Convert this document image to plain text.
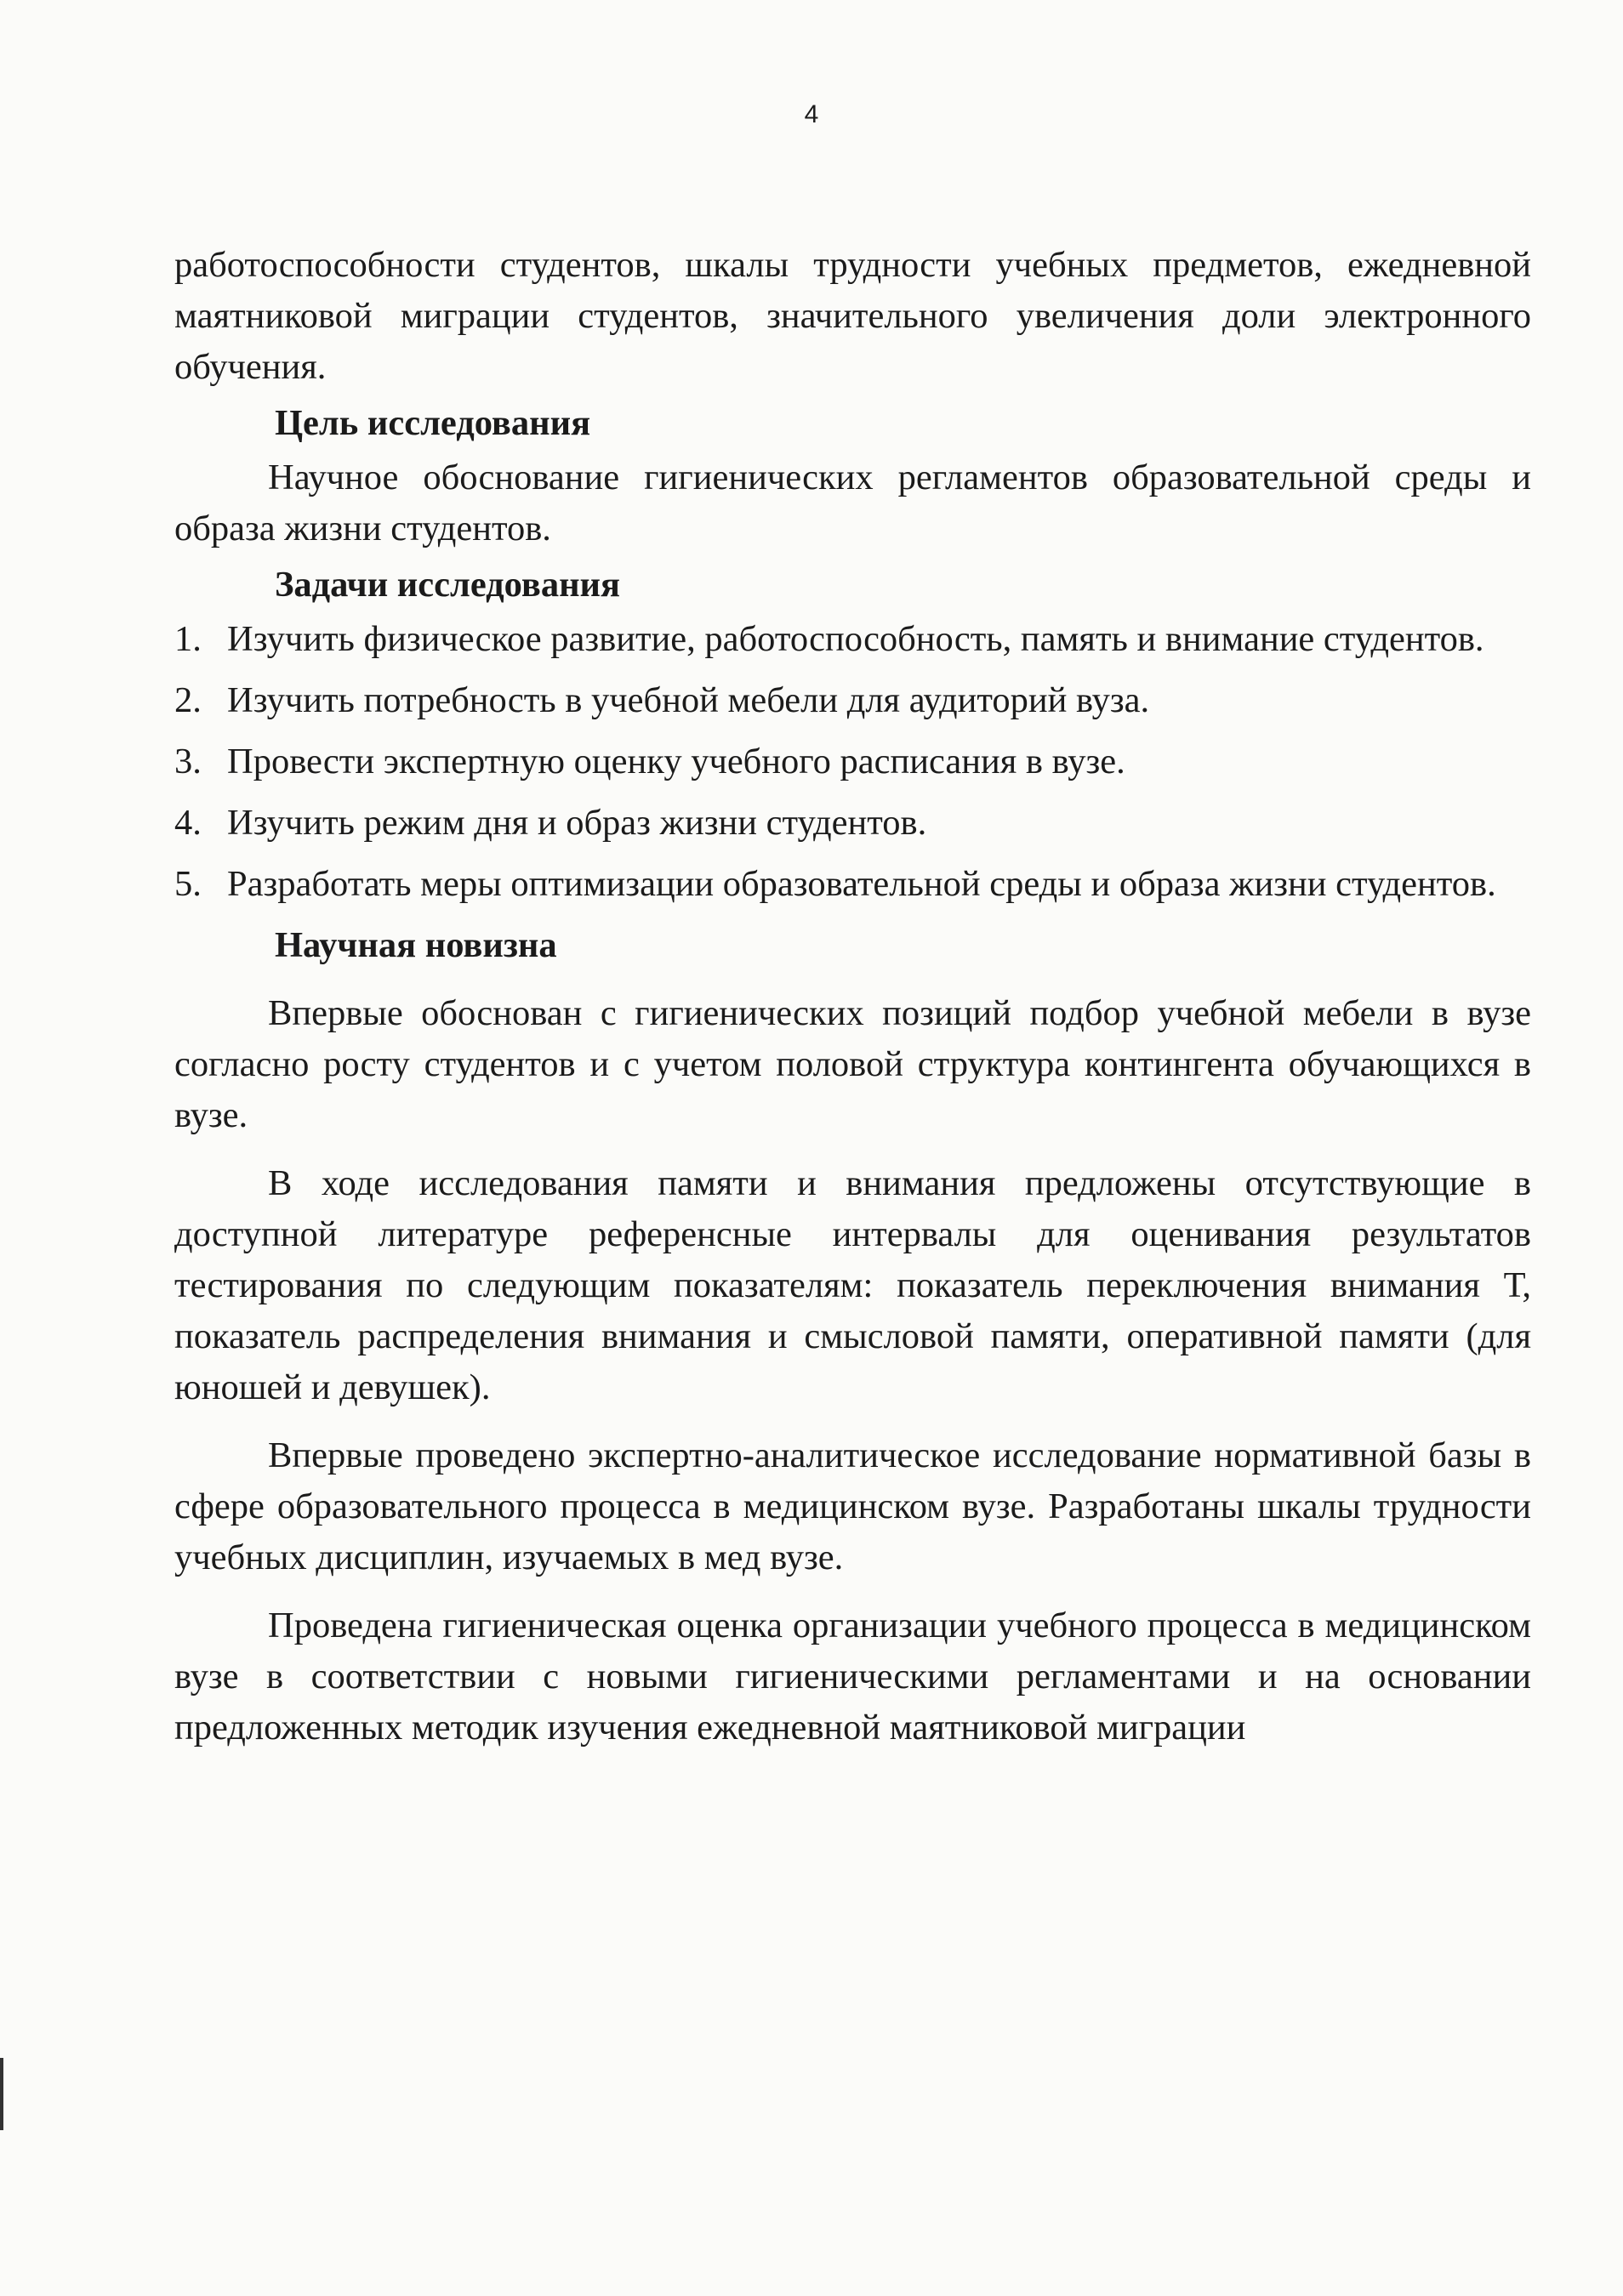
4

работоспособности студентов, шкалы трудности учебных предметов, ежедневной маятниковой миграции студентов, значительного увеличения доли электронного обучения.

Цель исследования

Научное обоснование гигиенических регламентов образовательной среды и образа жизни студентов.

Задачи исследования

1. Изучить физическое развитие, работоспособность, память и внимание студентов.
2. Изучить потребность в учебной мебели для аудиторий вуза.
3. Провести экспертную оценку учебного расписания в вузе.
4. Изучить режим дня и образ жизни студентов.
5. Разработать меры оптимизации образовательной среды и образа жизни студентов.

Научная новизна

Впервые обоснован с гигиенических позиций подбор учебной мебели в вузе согласно росту студентов и с учетом половой структура контингента обучающихся в вузе.

В ходе исследования памяти и внимания предложены отсутствующие в доступной литературе референсные интервалы для оценивания результатов тестирования по следующим показателям: показатель переключения внимания Т, показатель распределения внимания и смысловой памяти, оперативной памяти (для юношей и девушек).

Впервые проведено экспертно-аналитическое исследование нормативной базы в сфере образовательного процесса в медицинском вузе. Разработаны шкалы трудности учебных дисциплин, изучаемых в мед вузе.

Проведена гигиеническая оценка организации учебного процесса в медицинском вузе в соответствии с новыми гигиеническими регламентами и на основании предложенных методик изучения ежедневной маятниковой миграции
